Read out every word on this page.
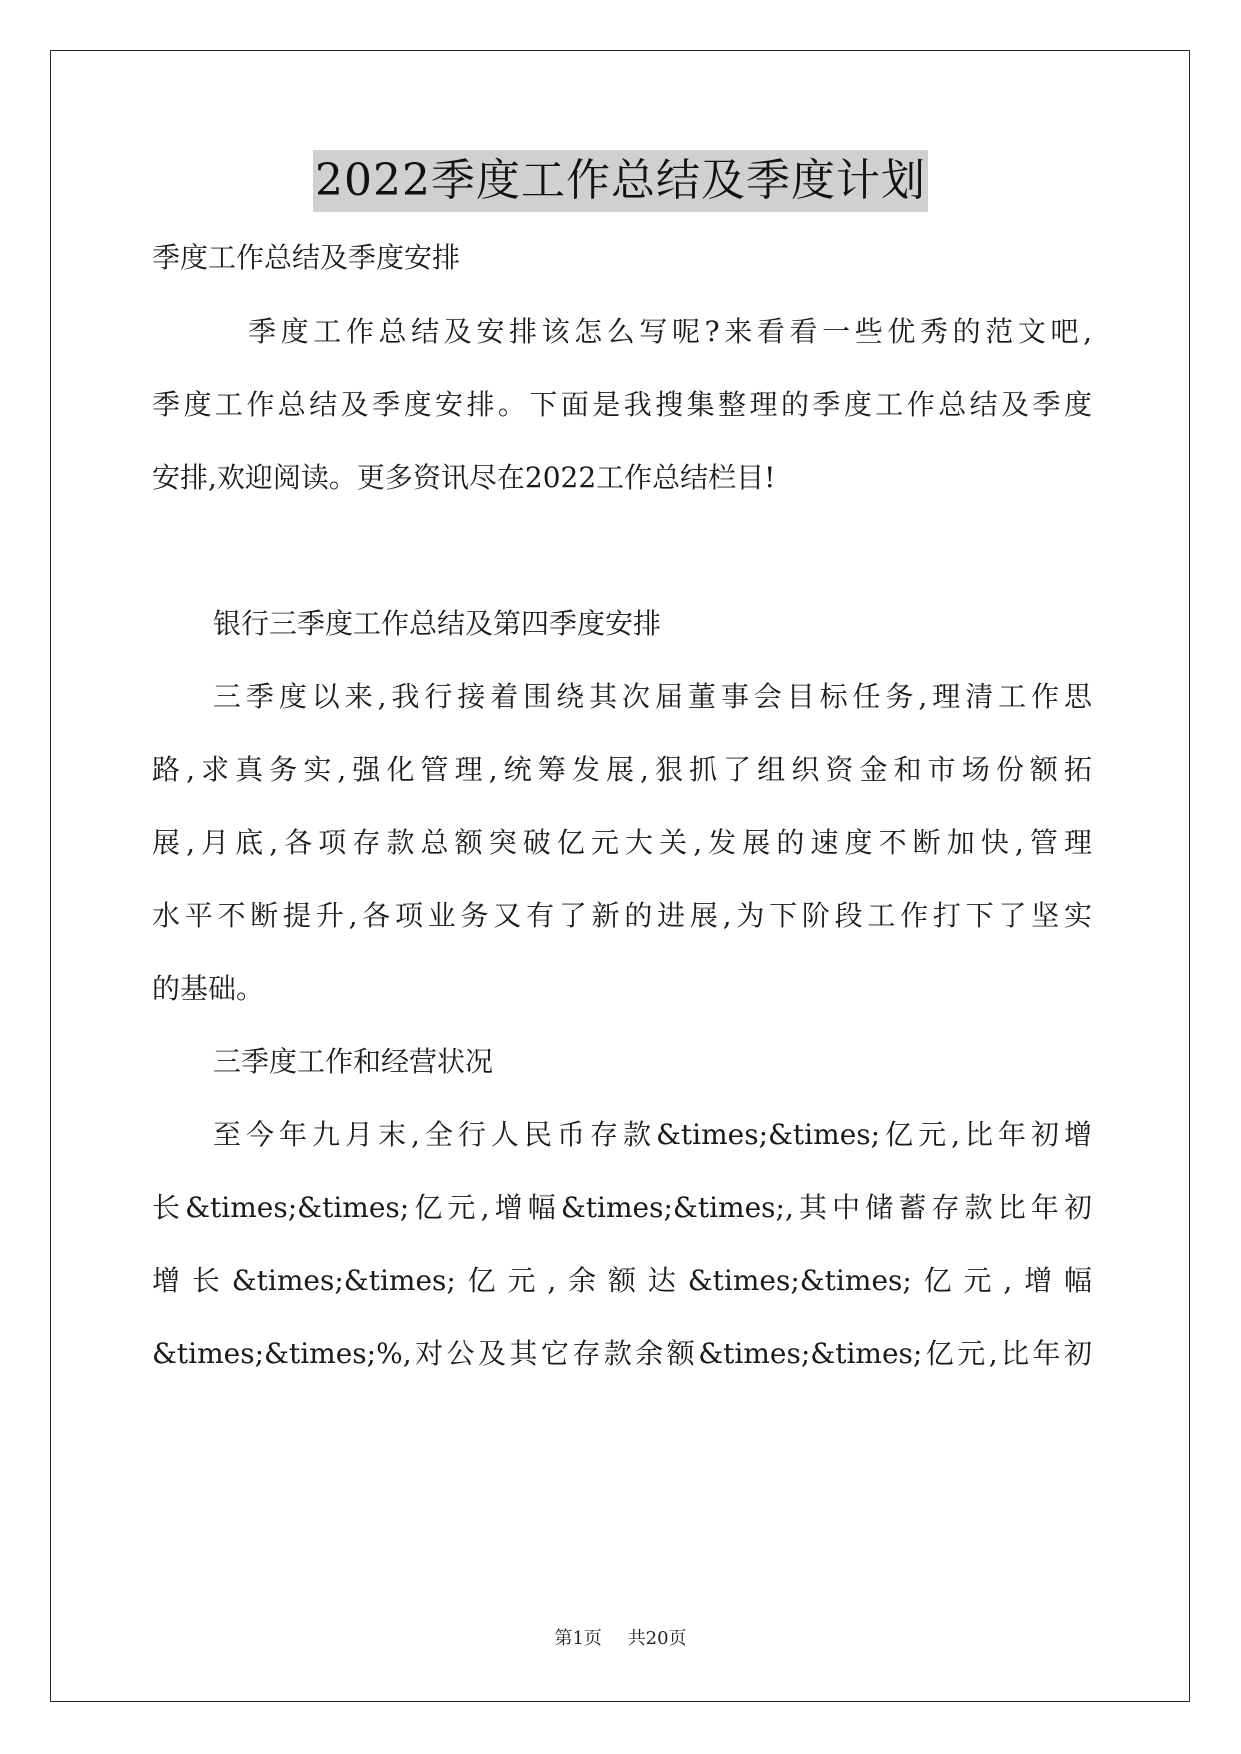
2022季度工作总结及季度计划
季度工作总结及季度安排
季度工作总结及安排该怎么写呢?来看看一些优秀的范文吧,
季度工作总结及季度安排。下面是我搜集整理的季度工作总结及季度
安排,欢迎阅读。更多资讯尽在2022工作总结栏目!
银行三季度工作总结及第四季度安排
三季度以来,我行接着围绕其次届董事会目标任务,理清工作思
路,求真务实,强化管理,统筹发展,狠抓了组织资金和市场份额拓
展,月底,各项存款总额突破亿元大关,发展的速度不断加快,管理
水平不断提升,各项业务又有了新的进展,为下阶段工作打下了坚实
的基础。
三季度工作和经营状况
至今年九月末,全行人民币存款&times;&times;亿元,比年初增
长&times;&times;亿元,增幅&times;&times;,其中储蓄存款比年初
增长&times;&times;亿元,余额达&times;&times;亿元,增幅
&times;&times;%,对公及其它存款余额&times;&times;亿元,比年初
第1页 共20页
